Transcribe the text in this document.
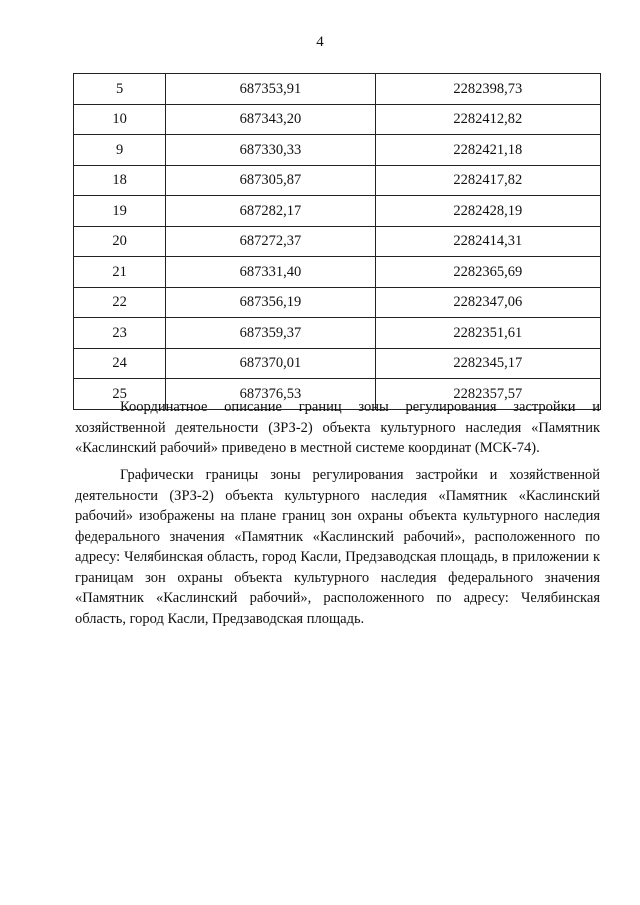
4
5	687353,91	2282398,73
10	687343,20	2282412,82
9	687330,33	2282421,18
18	687305,87	2282417,82
19	687282,17	2282428,19
20	687272,37	2282414,31
21	687331,40	2282365,69
22	687356,19	2282347,06
23	687359,37	2282351,61
24	687370,01	2282345,17
25	687376,53	2282357,57

Координатное описание границ зоны регулирования застройки и хозяйственной деятельности (ЗРЗ-2) объекта культурного наследия «Памятник «Каслинский рабочий» приведено в местной системе координат (МСК-74).

Графически границы зоны регулирования застройки и хозяйственной деятельности (ЗРЗ-2) объекта культурного наследия «Памятник «Каслинский рабочий» изображены на плане границ зон охраны объекта культурного наследия федерального значения «Памятник «Каслинский рабочий», расположенного по адресу: Челябинская область, город Касли, Предзаводская площадь, в приложении к границам зон охраны объекта культурного наследия федерального значения «Памятник «Каслинский рабочий», расположенного по адресу: Челябинская область, город Касли, Предзаводская площадь.
